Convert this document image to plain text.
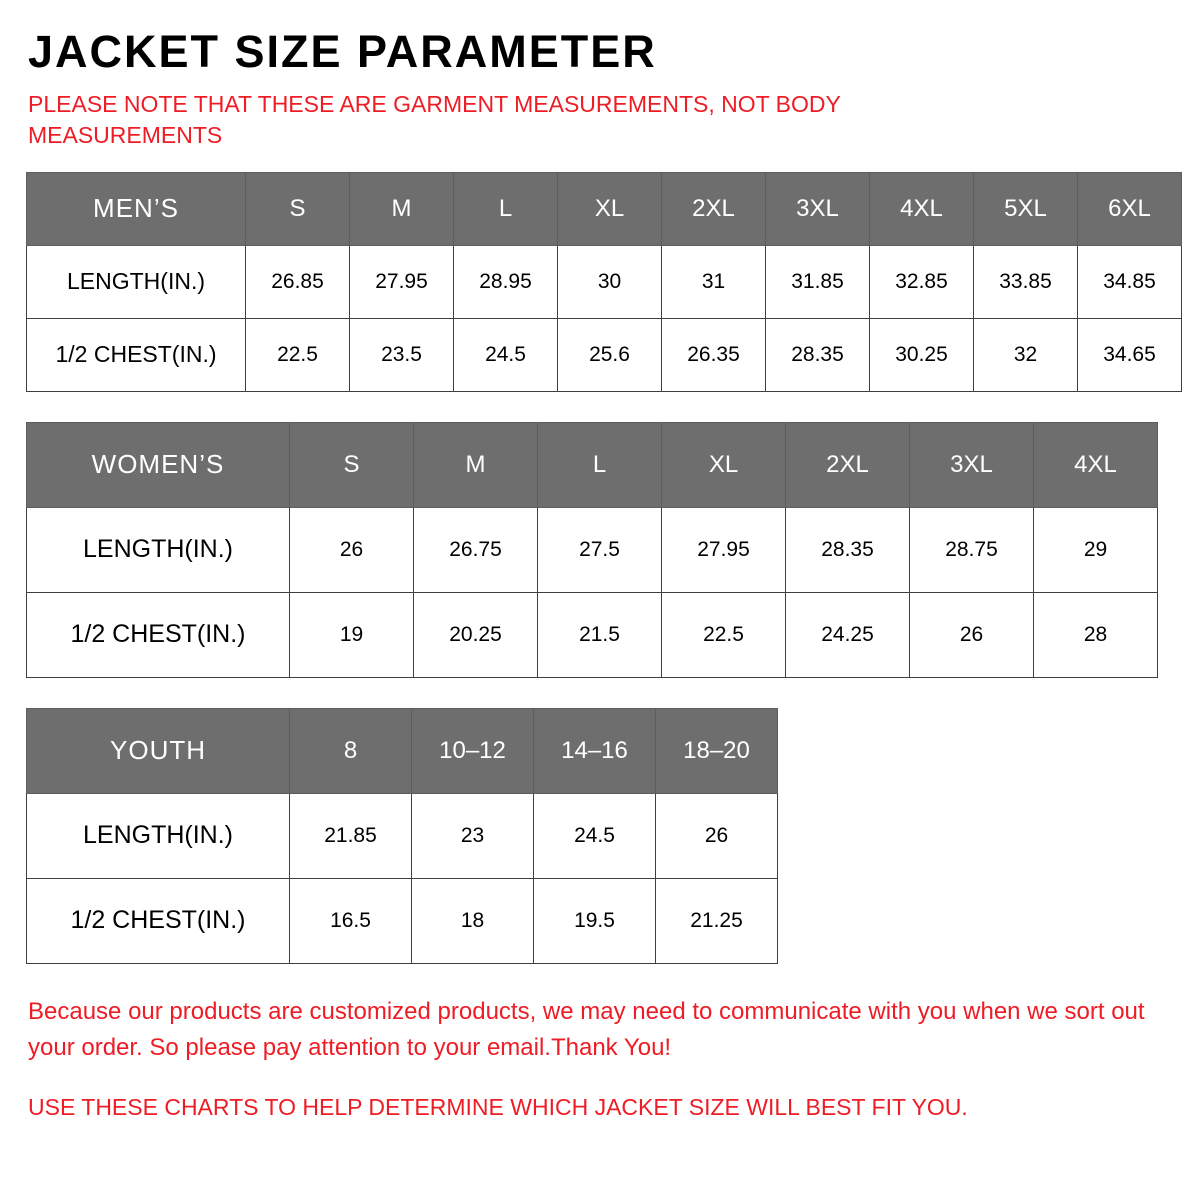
JACKET SIZE PARAMETER

PLEASE NOTE THAT THESE ARE GARMENT MEASUREMENTS, NOT BODY MEASUREMENTS

MEN’S	S	M	L	XL	2XL	3XL	4XL	5XL	6XL
LENGTH(IN.)	26.85	27.95	28.95	30	31	31.85	32.85	33.85	34.85
1/2 CHEST(IN.)	22.5	23.5	24.5	25.6	26.35	28.35	30.25	32	34.65
WOMEN’S	S	M	L	XL	2XL	3XL	4XL
LENGTH(IN.)	26	26.75	27.5	27.95	28.35	28.75	29
1/2 CHEST(IN.)	19	20.25	21.5	22.5	24.25	26	28
YOUTH	8	10–12	14–16	18–20
LENGTH(IN.)	21.85	23	24.5	26
1/2 CHEST(IN.)	16.5	18	19.5	21.25

Because our products are customized products, we may need to communicate with you when we sort out your order. So please pay attention to your email.Thank You!

USE THESE CHARTS TO HELP DETERMINE WHICH JACKET SIZE WILL BEST FIT YOU.
